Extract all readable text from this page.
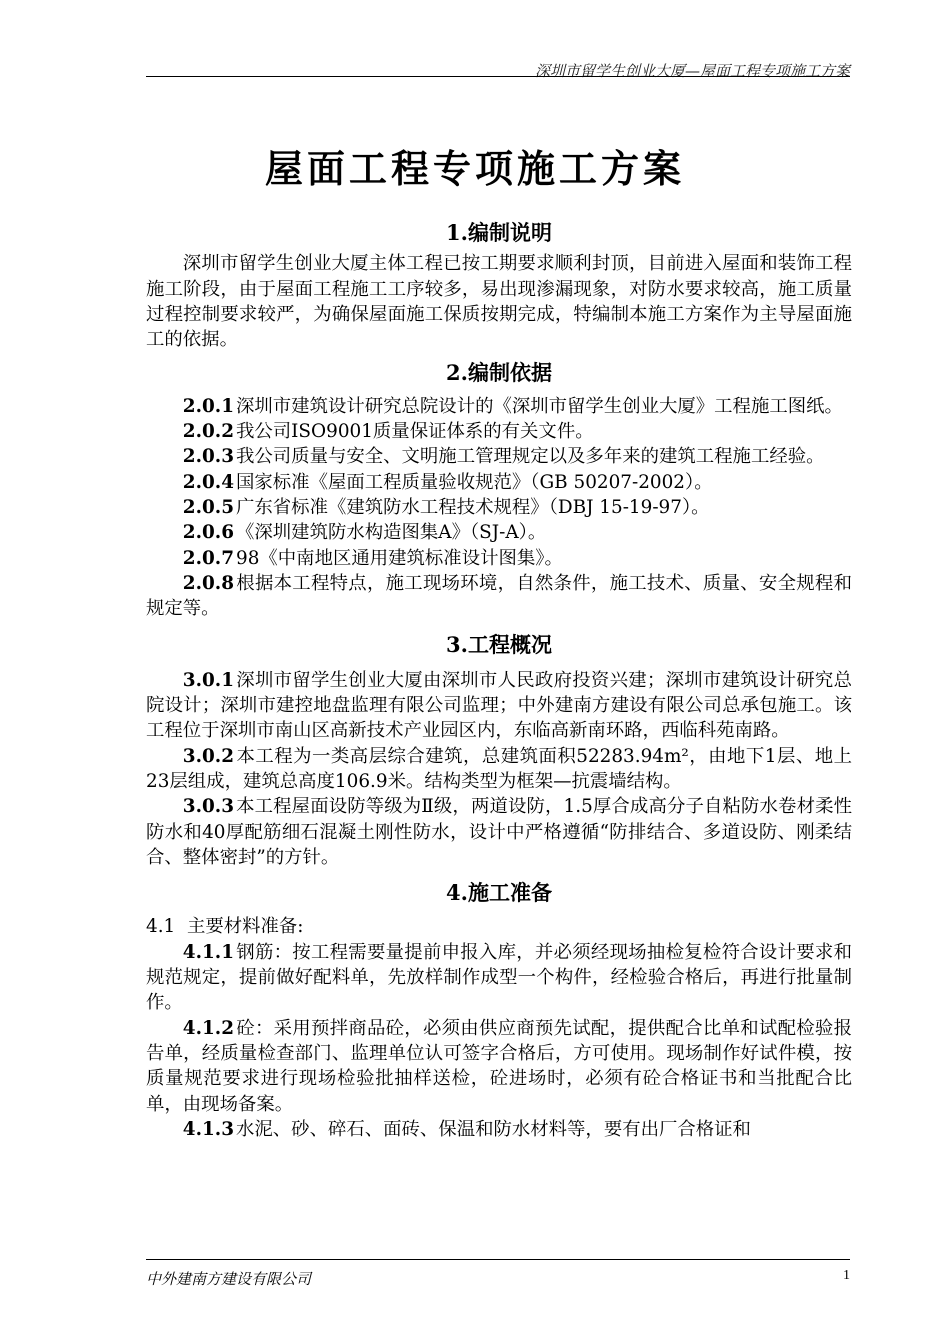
深圳市留学生创业大厦—屋面工程专项施工方案
屋面工程专项施工方案
1.编制说明

深圳市留学生创业大厦主体工程已按工期要求顺利封顶，目前进入屋面和装饰工程施工阶段，由于屋面工程施工工序较多，易出现渗漏现象，对防水要求较高，施工质量过程控制要求较严，为确保屋面施工保质按期完成，特编制本施工方案作为主导屋面施工的依据。

2.编制依据

2.0.1 深圳市建筑设计研究总院设计的《深圳市留学生创业大厦》工程施工图纸。

2.0.2 我公司ISO9001质量保证体系的有关文件。

2.0.3 我公司质量与安全、文明施工管理规定以及多年来的建筑工程施工经验。

2.0.4 国家标准《屋面工程质量验收规范》（GB 50207-2002）。

2.0.5 广东省标准《建筑防水工程技术规程》（DBJ 15-19-97）。

2.0.6 《深圳建筑防水构造图集A》（SJ-A）。

2.0.7 98《中南地区通用建筑标准设计图集》。

2.0.8 根据本工程特点，施工现场环境，自然条件，施工技术、质量、安全规程和规定等。

3.工程概况

3.0.1 深圳市留学生创业大厦由深圳市人民政府投资兴建；深圳市建筑设计研究总院设计；深圳市建控地盘监理有限公司监理；中外建南方建设有限公司总承包施工。该工程位于深圳市南山区高新技术产业园区内，东临高新南环路，西临科苑南路。

3.0.2 本工程为一类高层综合建筑，总建筑面积52283.94m²，由地下1层、地上23层组成，建筑总高度106.9米。结构类型为框架—抗震墙结构。

3.0.3 本工程屋面设防等级为Ⅱ级，两道设防，1.5厚合成高分子自粘防水卷材柔性防水和40厚配筋细石混凝土刚性防水，设计中严格遵循“防排结合、多道设防、刚柔结合、整体密封”的方针。

4.施工准备

4.1 主要材料准备:

4.1.1 钢筋：按工程需要量提前申报入库，并必须经现场抽检复检符合设计要求和规范规定，提前做好配料单，先放样制作成型一个构件，经检验合格后，再进行批量制作。

4.1.2 砼：采用预拌商品砼，必须由供应商预先试配，提供配合比单和试配检验报告单，经质量检查部门、监理单位认可签字合格后，方可使用。现场制作好试件模，按质量规范要求进行现场检验批抽样送检，砼进场时，必须有砼合格证书和当批配合比单，由现场备案。

4.1.3 水泥、砂、碎石、面砖、保温和防水材料等，要有出厂合格证和

中外建南方建设有限公司	1
